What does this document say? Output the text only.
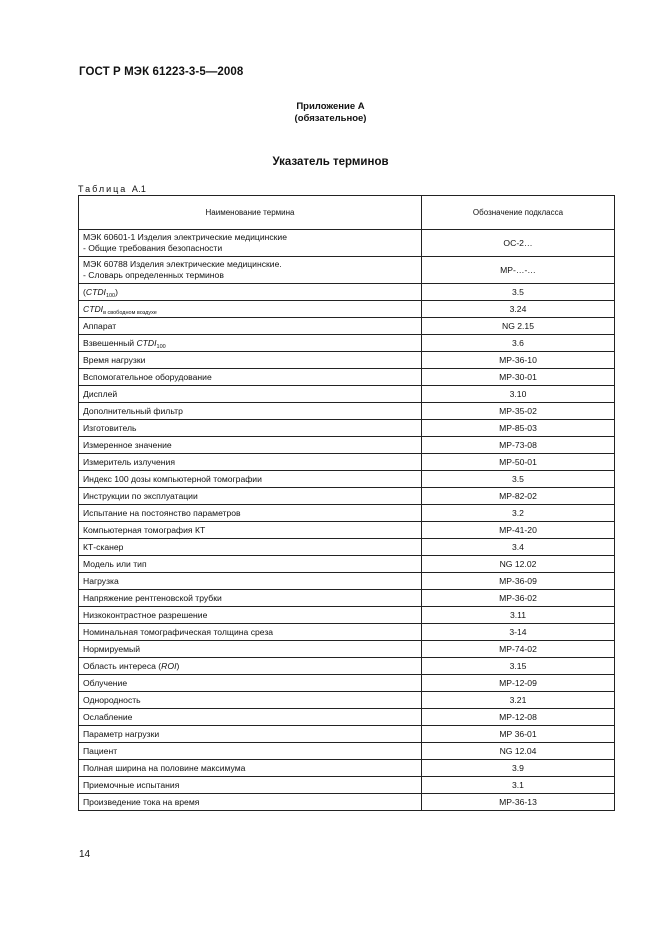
ГОСТ Р МЭК 61223-3-5—2008
Приложение А
(обязательное)
Указатель терминов
Таблица А.1
Наименование термина	Обозначение подкласса

МЭК 60601-1 Изделия электрические медицинские
- Общие требования безопасности	ОС-2…

МЭК 60788 Изделия электрические медицинские.
- Словарь определенных терминов	МР-…-…
$(CTDI_{100})$	3.5
$CTDI_{в свободном воздухе}$	3.24
Аппарат	NG 2.15
Взвешенный $CTDI_{100}$	3.6
Время нагрузки	МР-36-10
Вспомогательное оборудование	МР-30-01
Дисплей	3.10
Дополнительный фильтр	МР-35-02
Изготовитель	МР-85-03
Измеренное значение	МР-73-08
Измеритель излучения	МР-50-01
Индекс 100 дозы компьютерной томографии	3.5
Инструкции по эксплуатации	МР-82-02
Испытание на постоянство параметров	3.2
Компьютерная томография КТ	МР-41-20
КТ-сканер	3.4
Модель или тип	NG 12.02
Нагрузка	МР-36-09
Напряжение рентгеновской трубки	МР-36-02
Низкоконтрастное разрешение	3.11
Номинальная томографическая толщина среза	3-14
Нормируемый	МР-74-02
Область интереса (ROI)	3.15
Облучение	МР-12-09
Однородность	3.21
Ослабление	МР-12-08
Параметр нагрузки	МР 36-01
Пациент	NG 12.04
Полная ширина на половине максимума	3.9
Приемочные испытания	3.1
Произведение тока на время	МР-36-13
14
